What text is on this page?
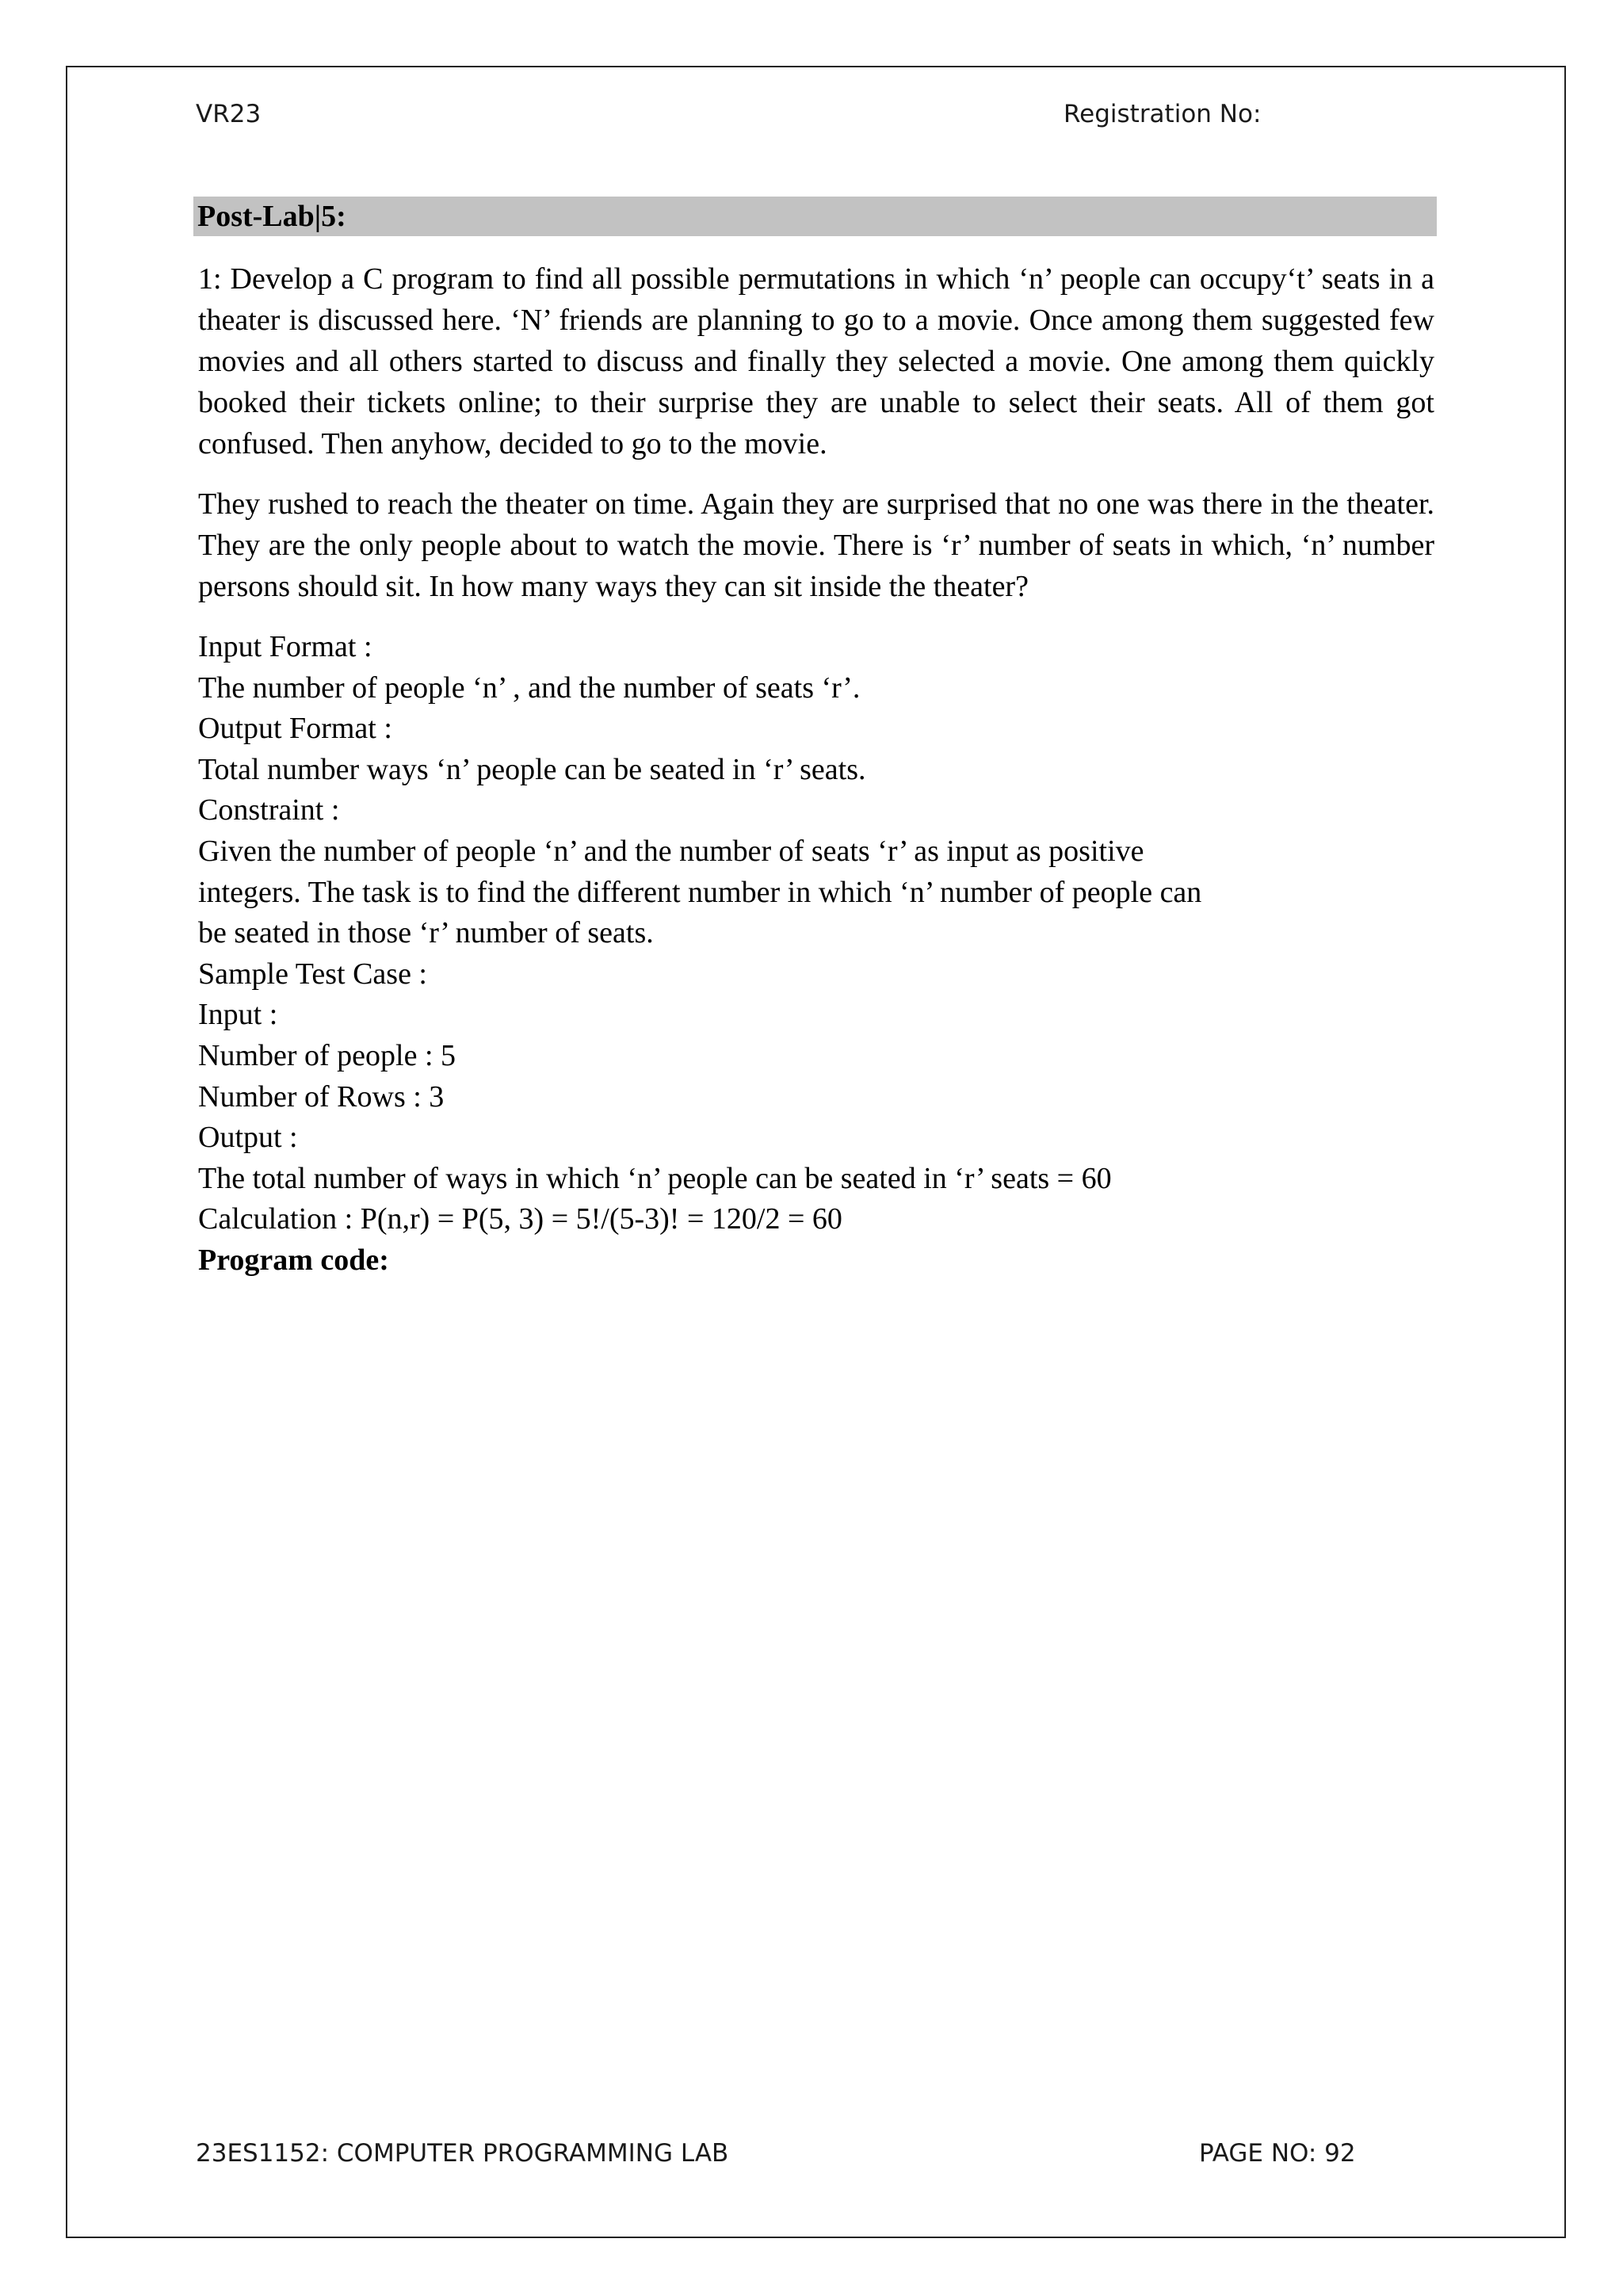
VR23	Registration No:
Post-Lab|5:

1: Develop a C program to find all possible permutations in which ‘n’ people can occupy‘t’ seats in a theater is discussed here. ‘N’ friends are planning to go to a movie. Once among them suggested few movies and all others started to discuss and finally they selected a movie. One among them quickly booked their tickets online; to their surprise they are unable to select their seats. All of them got confused. Then anyhow, decided to go to the movie.

They rushed to reach the theater on time. Again they are surprised that no one was there in the theater. They are the only people about to watch the movie. There is ‘r’ number of seats in which, ‘n’ number persons should sit. In how many ways they can sit inside the theater?

Input Format :
The number of people ‘n’ , and the number of seats ‘r’.
Output Format :
Total number ways ‘n’ people can be seated in ‘r’ seats.
Constraint :
Given the number of people ‘n’ and the number of seats ‘r’ as input as positive
integers. The task is to find the different number in which ‘n’ number of people can
be seated in those ‘r’ number of seats.
Sample Test Case :
Input :
Number of people : 5
Number of Rows : 3
Output :
The total number of ways in which ‘n’ people can be seated in ‘r’ seats = 60
Calculation : P(n,r) = P(5, 3) = 5!/(5-3)! = 120/2 = 60
Program code:
23ES1152: COMPUTER PROGRAMMING LAB	PAGE NO: 92
